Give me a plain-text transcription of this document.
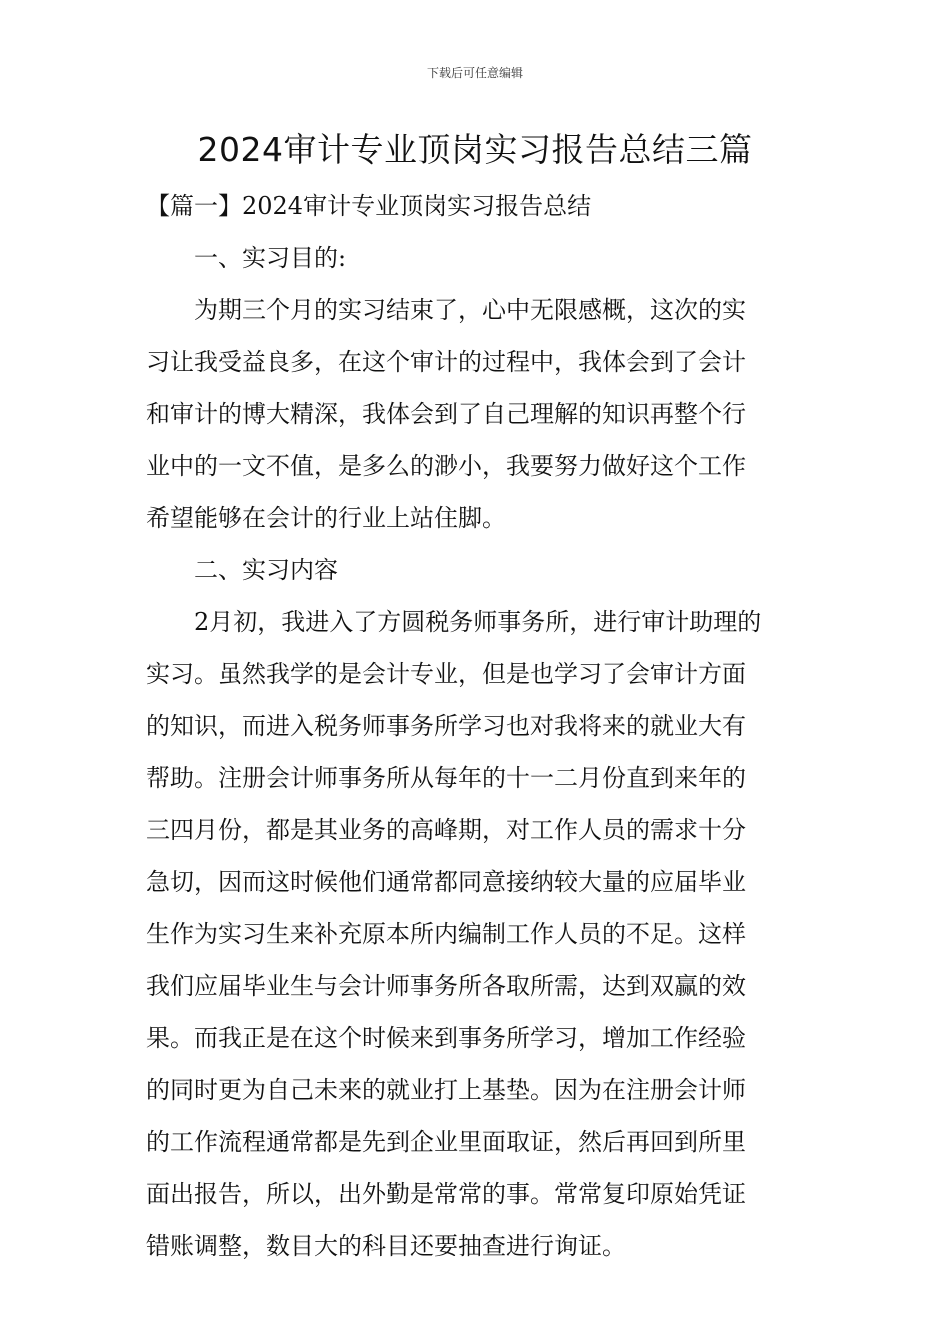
下载后可任意编辑
2024审计专业顶岗实习报告总结三篇

【篇一】2024审计专业顶岗实习报告总结

一、实习目的:

为期三个月的实习结束了，心中无限感概，这次的实
习让我受益良多，在这个审计的过程中，我体会到了会计
和审计的博大精深，我体会到了自己理解的知识再整个行
业中的一文不值，是多么的渺小，我要努力做好这个工作
希望能够在会计的行业上站住脚。

二、实习内容

2月初，我进入了方圆税务师事务所，进行审计助理的
实习。虽然我学的是会计专业，但是也学习了会审计方面
的知识，而进入税务师事务所学习也对我将来的就业大有
帮助。注册会计师事务所从每年的十一二月份直到来年的
三四月份，都是其业务的高峰期，对工作人员的需求十分
急切，因而这时候他们通常都同意接纳较大量的应届毕业
生作为实习生来补充原本所内编制工作人员的不足。这样
我们应届毕业生与会计师事务所各取所需，达到双赢的效
果。而我正是在这个时候来到事务所学习，增加工作经验
的同时更为自己未来的就业打上基垫。因为在注册会计师
的工作流程通常都是先到企业里面取证，然后再回到所里
面出报告，所以，出外勤是常常的事。常常复印原始凭证
错账调整，数目大的科目还要抽查进行询证。
